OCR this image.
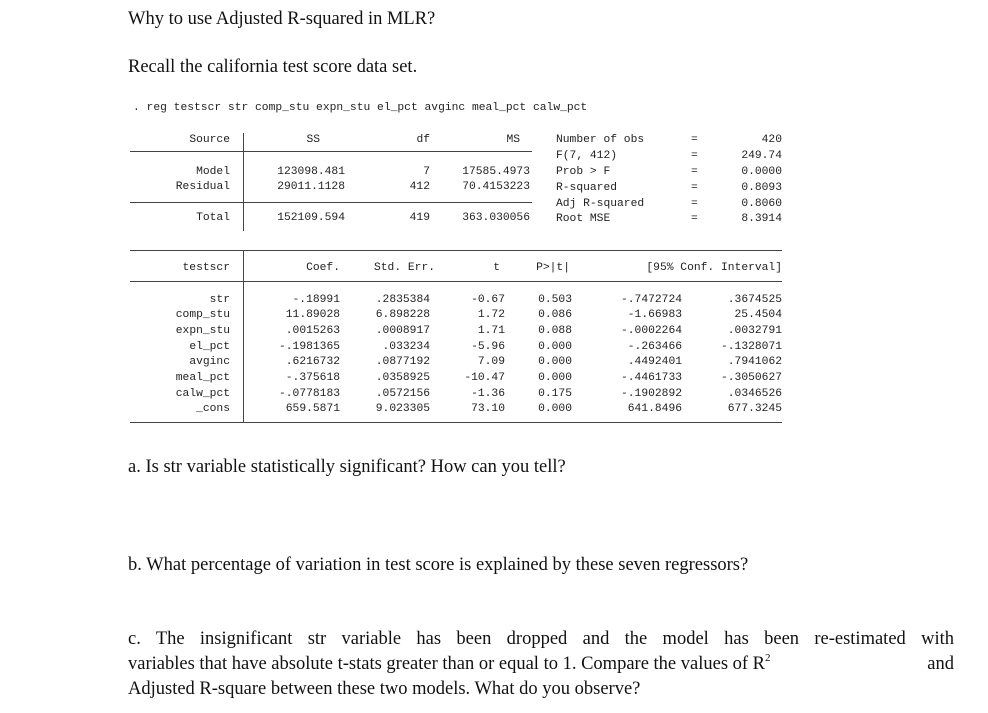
Why to use Adjusted R-squared in MLR?
Recall the california test score data set.
. reg testscr str comp_stu expn_stu el_pct avginc meal_pct calw_pct
Source	SS	df	MS
Model	123098.481	7	17585.4973
Residual	29011.1128	412	70.4153223
Total	152109.594	419	363.030056
Number of obs	=	420
F(7, 412)	=	249.74
Prob > F	=	0.0000
R-squared	=	0.8093
Adj R-squared	=	0.8060
Root MSE	=	8.3914
testscr	Coef.	Std. Err.	t	P>|t|	[95% Conf. Interval]
str	-.18991	.2835384	-0.67	0.503	-.7472724	.3674525
comp_stu	11.89028	6.898228	1.72	0.086	-1.66983	25.4504
expn_stu	.0015263	.0008917	1.71	0.088	-.0002264	.0032791
el_pct	-.1981365	.033234	-5.96	0.000	-.263466	-.1328071
avginc	.6216732	.0877192	7.09	0.000	.4492401	.7941062
meal_pct	-.375618	.0358925	-10.47	0.000	-.4461733	-.3050627
calw_pct	-.0778183	.0572156	-1.36	0.175	-.1902892	.0346526
_cons	659.5871	9.023305	73.10	0.000	641.8496	677.3245
a. Is str variable statistically significant? How can you tell?
b. What percentage of variation in test score is explained by these seven regressors?
c. The insignificant str variable has been dropped and the model has been re-estimated with
variables that have absolute t-stats greater than or equal to 1. Compare the values of $R^2$	and
Adjusted R-square between these two models. What do you observe?
